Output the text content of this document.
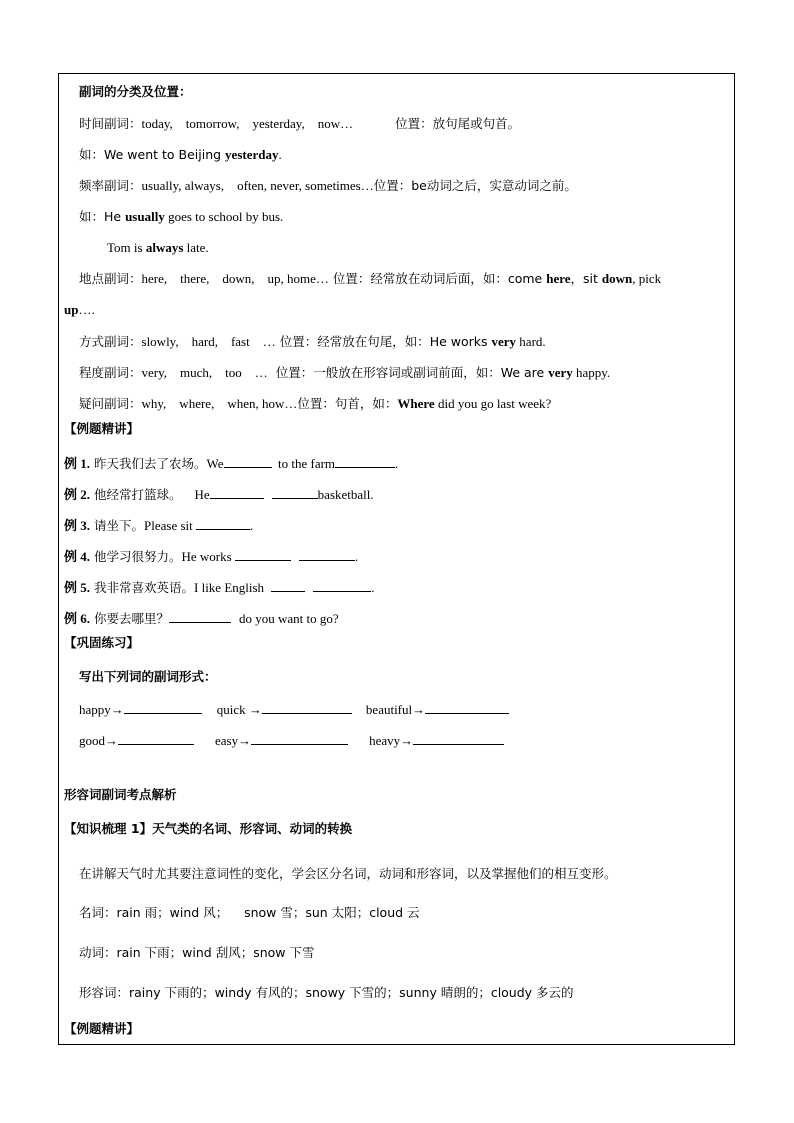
副词的分类及位置：
时间副词：today,    tomorrow,    yesterday,    now…	位置：放句尾或句首。
如：We went to Beijing yesterday.
频率副词：usually, always,    often, never, sometimes…位置：be动词之后，实意动词之前。
如：He usually goes to school by bus.
Tom is always late.
地点副词：here,    there,    down,    up, home… 位置：经常放在动词后面，如：come here，sit down, pick
up….
方式副词：slowly,    hard,    fast    … 位置：经常放在句尾，如：He works very hard.
程度副词：very,    much,    too    …  位置：一般放在形容词或副词前面，如：We are very happy.
疑问副词：why,    where,    when, how…位置：句首，如：Where did you go last week?
【例题精讲】
例 1. 昨天我们去了农场。We	to the farm	.
例 2. 他经常打篮球。    He	basketball.
例 3. 请坐下。Please sit	.
例 4. 他学习很努力。He works	.
例 5. 我非常喜欢英语。I like English	.
例 6. 你要去哪里？	do you want to go?
【巩固练习】
写出下列词的副词形式：
happy→	quick →	beautiful→
good→	easy→	heavy→
形容词副词考点解析
【知识梳理 1】天气类的名词、形容词、动词的转换
在讲解天气时尤其要注意词性的变化，学会区分名词，动词和形容词，以及掌握他们的相互变形。
名词：rain 雨；wind 风；    snow 雪；sun 太阳；cloud 云
动词：rain 下雨；wind 刮风；snow 下雪
形容词：rainy 下雨的；windy 有风的；snowy 下雪的；sunny 晴朗的；cloudy 多云的
【例题精讲】
